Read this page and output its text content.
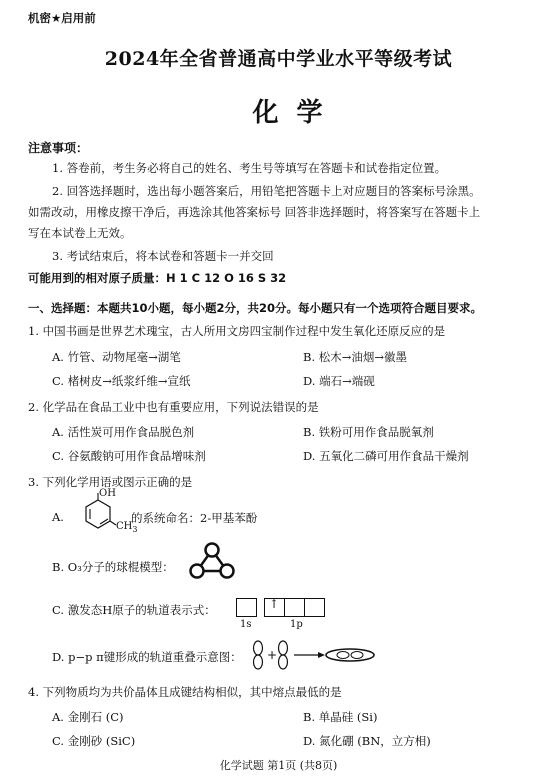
机密★启用前
2024年全省普通高中学业水平等级考试
化学
注意事项：
1. 答卷前，考生务必将自己的姓名、考生号等填写在答题卡和试卷指定位置。
2. 回答选择题时，选出每小题答案后，用铅笔把答题卡上对应题目的答案标号涂黑。
如需改动，用橡皮擦干净后，再选涂其他答案标号 回答非选择题时，将答案写在答题卡上
写在本试卷上无效。
3. 考试结束后，将本试卷和答题卡一并交回
可能用到的相对原子质量：H 1 C 12 O 16 S 32
一、选择题：本题共10小题，每小题2分，共20分。每小题只有一个选项符合题目要求。
1. 中国书画是世界艺术瑰宝，古人所用文房四宝制作过程中发生氧化还原反应的是
A. 竹管、动物尾毫→湖笔	B. 松木→油烟→徽墨
C. 楮树皮→纸浆纤维→宣纸	D. 端石→端砚
2. 化学品在食品工业中也有重要应用，下列说法错误的是
A. 活性炭可用作食品脱色剂	B. 铁粉可用作食品脱氧剂
C. 谷氨酸钠可用作食品增味剂	D. 五氧化二磷可用作食品干燥剂
3. 下列化学用语或图示正确的是
A.
OH
$CH_3$
的系统命名：2-甲基苯酚
B. O₃分子的球棍模型：
C. 激发态H原子的轨道表示式：	↑
1s	1p
D. p−p π键形成的轨道重叠示意图： +
4. 下列物质均为共价晶体且成键结构相似，其中熔点最低的是
A. 金刚石 (C)	B. 单晶硅 (Si)
C. 金刚砂 (SiC)	D. 氮化硼 (BN，立方相)
化学试题 第1页 (共8页)
